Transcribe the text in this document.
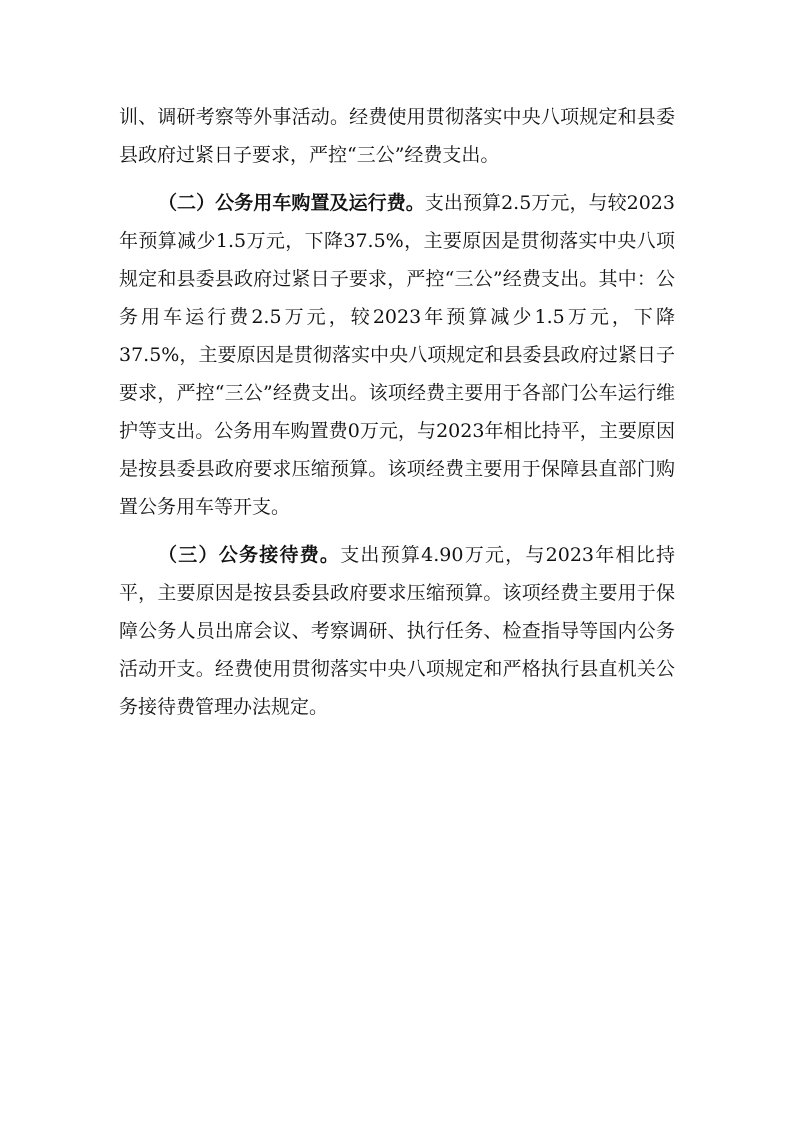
训、调研考察等外事活动。经费使用贯彻落实中央八项规定和县委县政府过紧日子要求，严控“三公”经费支出。

（二）公务用车购置及运行费。支出预算2.5万元，与较2023年预算减少1.5万元，下降37.5%，主要原因是贯彻落实中央八项规定和县委县政府过紧日子要求，严控“三公”经费支出。其中：公务用车运行费2.5万元，较2023年预算减少1.5万元，下降37.5%，主要原因是贯彻落实中央八项规定和县委县政府过紧日子要求，严控“三公”经费支出。该项经费主要用于各部门公车运行维护等支出。公务用车购置费0万元，与2023年相比持平，主要原因是按县委县政府要求压缩预算。该项经费主要用于保障县直部门购置公务用车等开支。

（三）公务接待费。支出预算4.90万元，与2023年相比持平，主要原因是按县委县政府要求压缩预算。该项经费主要用于保障公务人员出席会议、考察调研、执行任务、检查指导等国内公务活动开支。经费使用贯彻落实中央八项规定和严格执行县直机关公务接待费管理办法规定。
